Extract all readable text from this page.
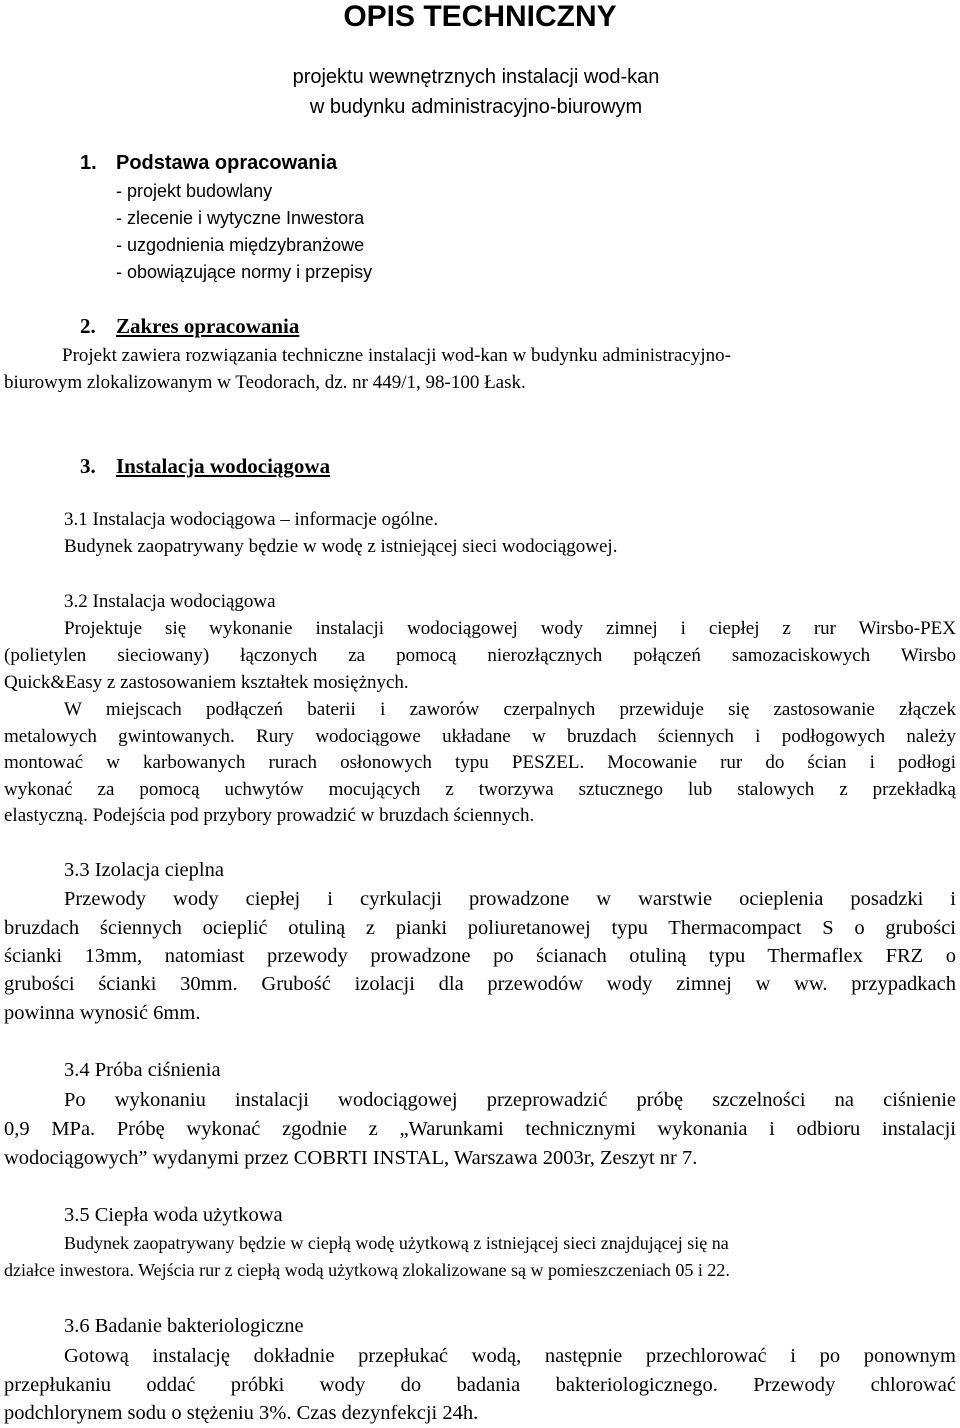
OPIS TECHNICZNY
projektu wewnętrznych instalacji wod-kan
w budynku administracyjno-biurowym
1. Podstawa opracowania
- projekt budowlany
- zlecenie i wytyczne Inwestora
- uzgodnienia międzybranżowe
- obowiązujące normy i przepisy
2. Zakres opracowania
Projekt zawiera rozwiązania techniczne instalacji wod-kan w budynku administracyjno-
biurowym zlokalizowanym w Teodorach, dz. nr 449/1, 98-100 Łask.
3. Instalacja wodociągowa
3.1 Instalacja wodociągowa – informacje ogólne.
Budynek zaopatrywany będzie w wodę z istniejącej sieci wodociągowej.
3.2 Instalacja wodociągowa
Projektuje się wykonanie instalacji wodociągowej wody zimnej i ciepłej z rur Wirsbo-PEX
(polietylen sieciowany) łączonych za pomocą nierozłącznych połączeń samozaciskowych Wirsbo
Quick&Easy z zastosowaniem kształtek mosiężnych.
W miejscach podłączeń baterii i zaworów czerpalnych przewiduje się zastosowanie złączek
metalowych gwintowanych. Rury wodociągowe układane w bruzdach ściennych i podłogowych należy
montować w karbowanych rurach osłonowych typu PESZEL. Mocowanie rur do ścian i podłogi
wykonać za pomocą uchwytów mocujących z tworzywa sztucznego lub stalowych z przekładką
elastyczną. Podejścia pod przybory prowadzić w bruzdach ściennych.
3.3 Izolacja cieplna
Przewody wody ciepłej i cyrkulacji prowadzone w warstwie ocieplenia posadzki i
bruzdach ściennych ocieplić otuliną z pianki poliuretanowej typu Thermacompact S o grubości
ścianki 13mm, natomiast przewody prowadzone po ścianach otuliną typu Thermaflex FRZ o
grubości ścianki 30mm. Grubość izolacji dla przewodów wody zimnej w ww. przypadkach
powinna wynosić 6mm.
3.4 Próba ciśnienia
Po wykonaniu instalacji wodociągowej przeprowadzić próbę szczelności na ciśnienie
0,9 MPa. Próbę wykonać zgodnie z „Warunkami technicznymi wykonania i odbioru instalacji
wodociągowych” wydanymi przez COBRTI INSTAL, Warszawa 2003r, Zeszyt nr 7.
3.5 Ciepła woda użytkowa
Budynek zaopatrywany będzie w ciepłą wodę użytkową z istniejącej sieci znajdującej się na
działce inwestora. Wejścia rur z ciepłą wodą użytkową zlokalizowane są w pomieszczeniach 05 i 22.
3.6 Badanie bakteriologiczne
Gotową instalację dokładnie przepłukać wodą, następnie przechlorować i po ponownym
przepłukaniu oddać próbki wody do badania bakteriologicznego. Przewody chlorować
podchlorynem sodu o stężeniu 3%. Czas dezynfekcji 24h.
